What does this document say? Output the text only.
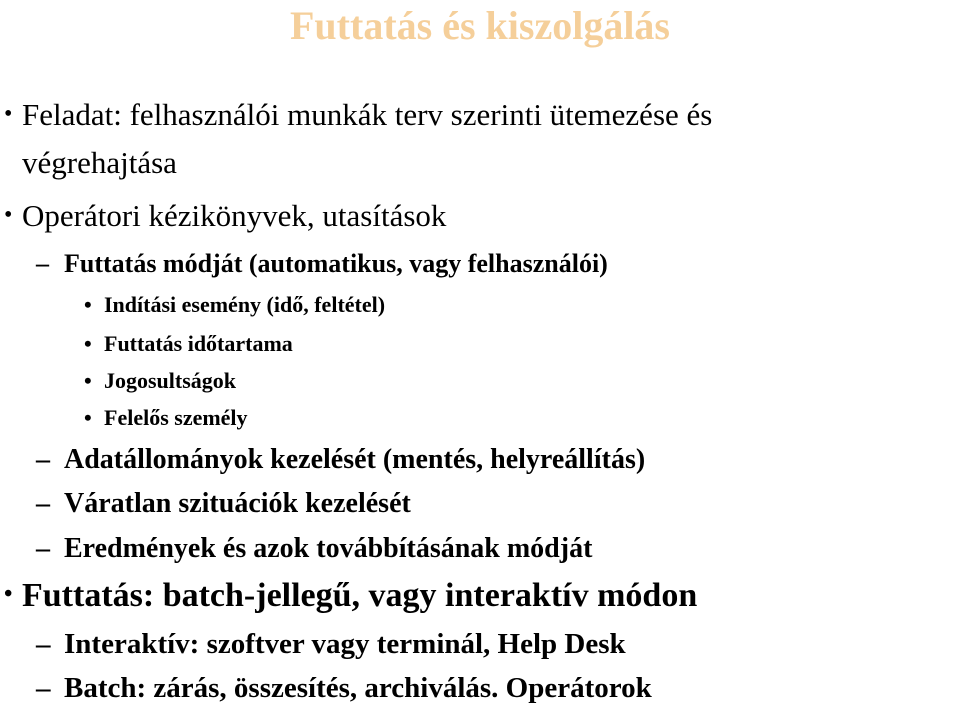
Futtatás és kiszolgálás
• Feladat: felhasználói munkák terv szerinti ütemezése és
végrehajtása
• Operátori kézikönyvek, utasítások
– Futtatás módját (automatikus, vagy felhasználói)
• Indítási esemény (idő, feltétel)
• Futtatás időtartama
• Jogosultságok
• Felelős személy
– Adatállományok kezelését (mentés, helyreállítás)
– Váratlan szituációk kezelését
– Eredmények és azok továbbításának módját
• Futtatás: batch-jellegű, vagy interaktív módon
– Interaktív: szoftver vagy terminál, Help Desk
– Batch: zárás, összesítés, archiválás. Operátorok
